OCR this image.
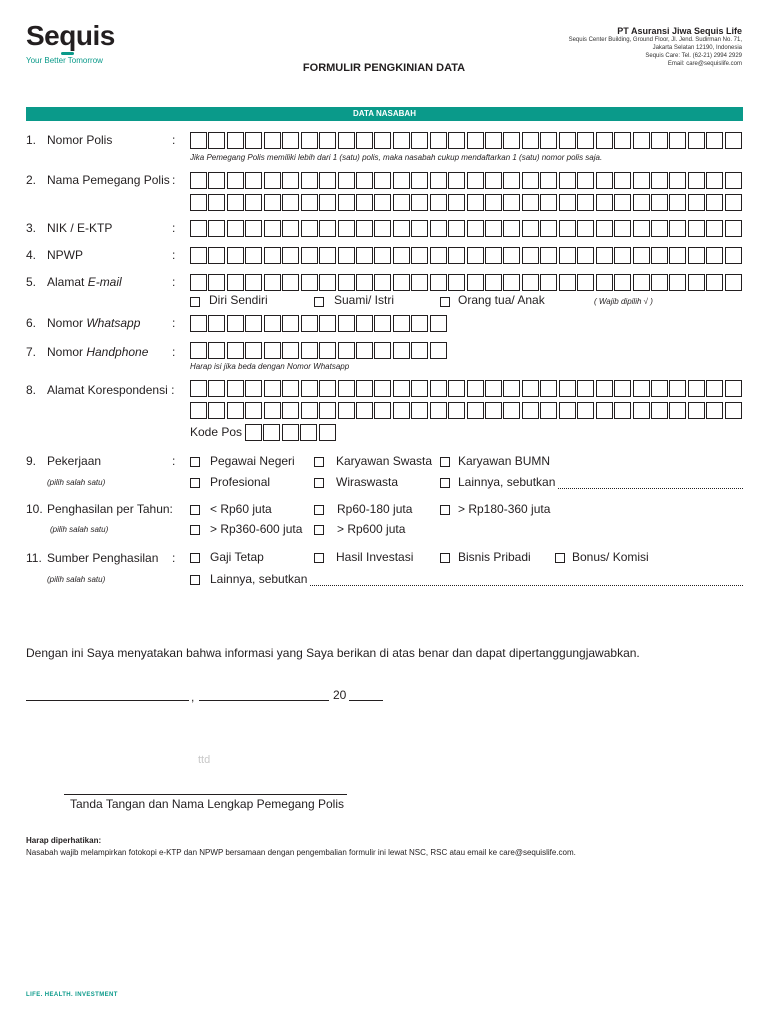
Seq
uis
Your Better Tomorrow
PT Asuransi Jiwa Sequis Life
Sequis Center Building, Ground Floor, Jl. Jend. Sudirman No. 71,
Jakarta Selatan 12190, Indonesia
Sequis Care: Tel. (62-21) 2994 2929
Email: care@sequislife.com
FORMULIR PENGKINIAN DATA
DATA NASABAH
1. Nomor Polis	:
Jika Pemegang Polis memiliki lebih dari 1 (satu) polis, maka nasabah cukup mendaftarkan 1 (satu) nomor polis saja.
2. Nama Pemegang Polis :
3. NIK / E-KTP	:
4. NPWP	:
5. Alamat E-mail	:
Diri Sendiri	Suami/ Istri	Orang tua/ Anak	( Wajib dipilih √ )
6. Nomor Whatsapp	:
7. Nomor Handphone :
Harap isi jika beda dengan Nomor Whatsapp
8. Alamat Korespondensi :
Kode Pos
9. Pekerjaan	:
(pilih salah satu)
Pegawai Negeri	Karyawan Swasta Karyawan BUMN
Profesional	Wiraswasta	Lainnya, sebutkan
10. Penghasilan per Tahun:
(pilih salah satu)
< Rp60 juta	Rp60-180 juta	> Rp180-360 juta
> Rp360-600 juta	> Rp600 juta
11. Sumber Penghasilan :
(pilih salah satu)
Gaji Tetap	Hasil Investasi	Bisnis Pribadi	Bonus/ Komisi
Lainnya, sebutkan
Dengan ini Saya menyatakan bahwa informasi yang Saya berikan di atas benar dan dapat dipertanggungjawabkan.
,	20
ttd
Tanda Tangan dan Nama Lengkap Pemegang Polis
Harap diperhatikan:
Nasabah wajib melampirkan fotokopi e-KTP dan NPWP bersamaan dengan pengembalian formulir ini lewat NSC, RSC atau email ke care@sequislife.com.
LIFE. HEALTH. INVESTMENT
